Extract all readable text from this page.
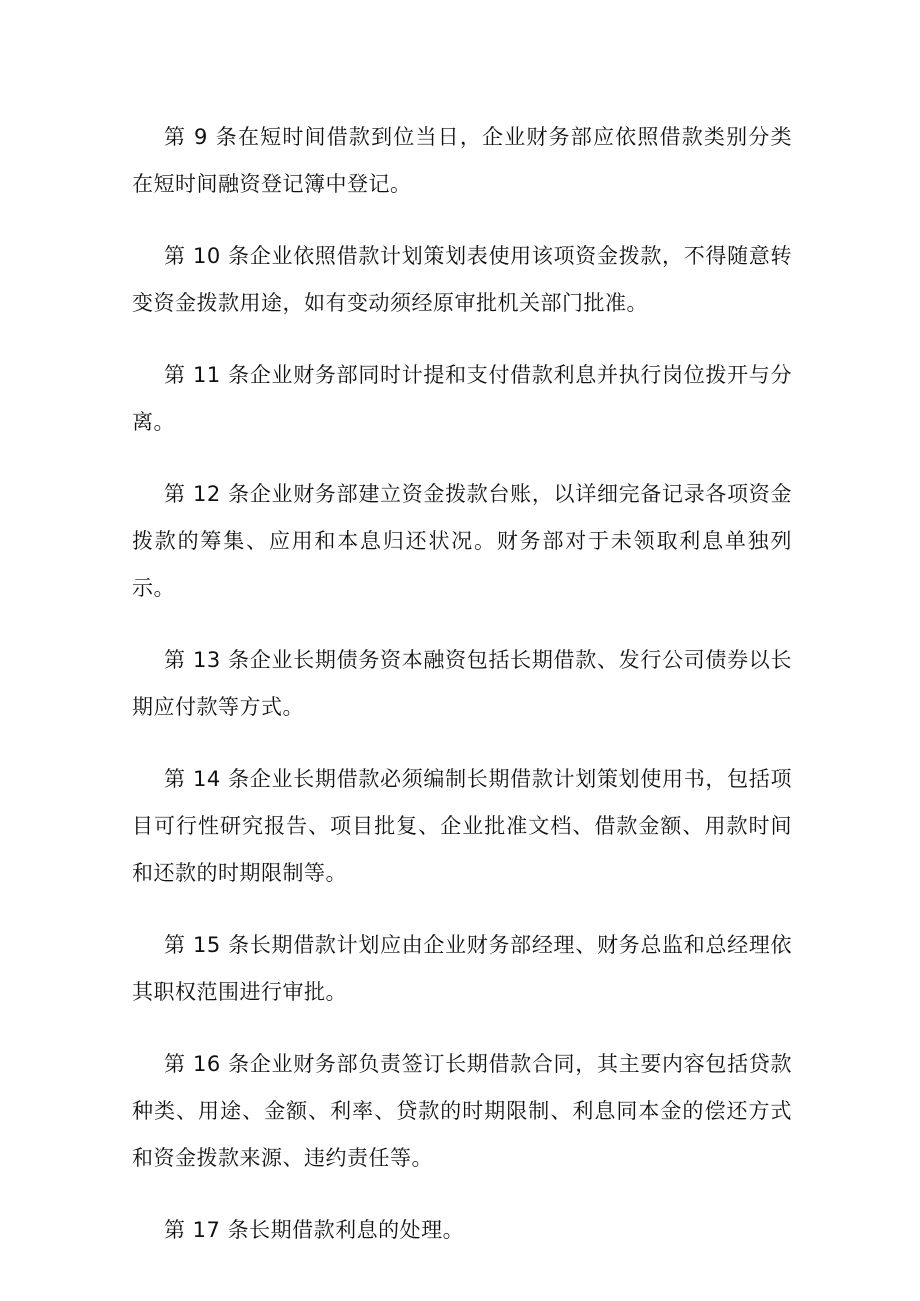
第 9 条在短时间借款到位当日，企业财务部应依照借款类别分类在短时间融资登记簿中登记。

第 10 条企业依照借款计划策划表使用该项资金拨款，不得随意转变资金拨款用途，如有变动须经原审批机关部门批准。

第 11 条企业财务部同时计提和支付借款利息并执行岗位拨开与分离。

第 12 条企业财务部建立资金拨款台账，以详细完备记录各项资金拨款的筹集、应用和本息归还状况。财务部对于未领取利息单独列示。

第 13 条企业长期债务资本融资包括长期借款、发行公司债券以长期应付款等方式。

第 14 条企业长期借款必须编制长期借款计划策划使用书，包括项目可行性研究报告、项目批复、企业批准文档、借款金额、用款时间和还款的时期限制等。

第 15 条长期借款计划应由企业财务部经理、财务总监和总经理依其职权范围进行审批。

第 16 条企业财务部负责签订长期借款合同，其主要内容包括贷款种类、用途、金额、利率、贷款的时期限制、利息同本金的偿还方式和资金拨款来源、违约责任等。

第 17 条长期借款利息的处理。
